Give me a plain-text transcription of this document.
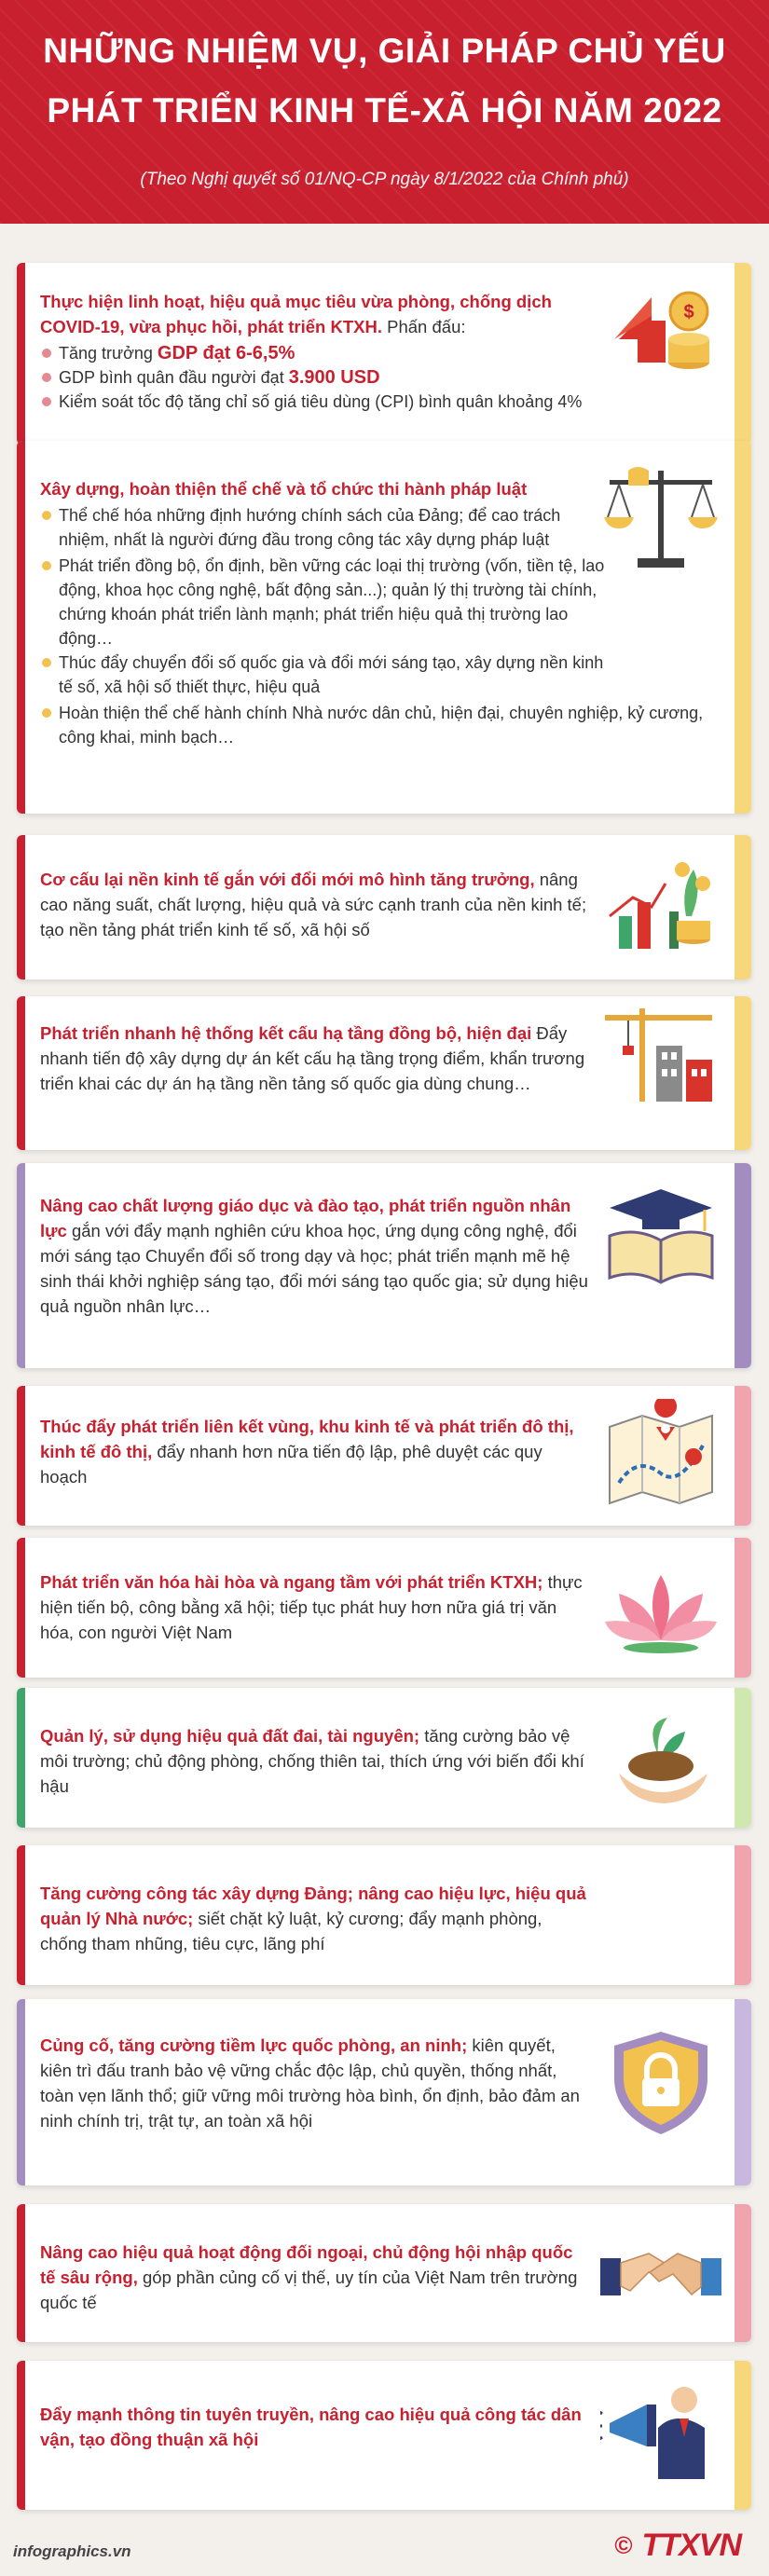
NHỮNG NHIỆM VỤ, GIẢI PHÁP CHỦ YẾU
PHÁT TRIỂN KINH TẾ-XÃ HỘI NĂM 2022
(Theo Nghị quyết số 01/NQ-CP ngày 8/1/2022 của Chính phủ)
Thực hiện linh hoạt, hiệu quả mục tiêu vừa phòng, chống dịch COVID-19, vừa phục hồi, phát triển KTXH. Phấn đấu:
Tăng trưởng GDP đạt 6-6,5%
GDP bình quân đầu người đạt 3.900 USD
Kiểm soát tốc độ tăng chỉ số giá tiêu dùng (CPI) bình quân khoảng 4%
$
Xây dựng, hoàn thiện thể chế và tổ chức thi hành pháp luật
Thể chế hóa những định hướng chính sách của Đảng; để cao trách nhiệm, nhất là người đứng đầu trong công tác xây dựng pháp luật
Phát triển đồng bộ, ổn định, bền vững các loại thị trường (vốn, tiền tệ, lao động, khoa học công nghệ, bất động sản...); quản lý thị trường tài chính, chứng khoán phát triển lành mạnh; phát triển hiệu quả thị trường lao động…
Thúc đẩy chuyển đổi số quốc gia và đổi mới sáng tạo, xây dựng nền kinh tế số, xã hội số thiết thực, hiệu quả
Hoàn thiện thể chế hành chính Nhà nước dân chủ, hiện đại, chuyên nghiệp, kỷ cương, công khai, minh bạch…
Cơ cấu lại nền kinh tế gắn với đổi mới mô hình tăng trưởng, nâng cao năng suất, chất lượng, hiệu quả và sức cạnh tranh của nền kinh tế; tạo nền tảng phát triển kinh tế số, xã hội số
Phát triển nhanh hệ thống kết cấu hạ tầng đồng bộ, hiện đại Đẩy nhanh tiến độ xây dựng dự án kết cấu hạ tầng trọng điểm, khẩn trương triển khai các dự án hạ tầng nền tảng số quốc gia dùng chung…
Nâng cao chất lượng giáo dục và đào tạo, phát triển nguồn nhân lực gắn với đẩy mạnh nghiên cứu khoa học, ứng dụng công nghệ, đổi mới sáng tạo Chuyển đổi số trong dạy và học; phát triển mạnh mẽ hệ sinh thái khởi nghiệp sáng tạo, đổi mới sáng tạo quốc gia; sử dụng hiệu quả nguồn nhân lực…
Thúc đẩy phát triển liên kết vùng, khu kinh tế và phát triển đô thị, kinh tế đô thị, đẩy nhanh hơn nữa tiến độ lập, phê duyệt các quy hoạch
Phát triển văn hóa hài hòa và ngang tầm với phát triển KTXH; thực hiện tiến bộ, công bằng xã hội; tiếp tục phát huy hơn nữa giá trị văn hóa, con người Việt Nam
Quản lý, sử dụng hiệu quả đất đai, tài nguyên; tăng cường bảo vệ môi trường; chủ động phòng, chống thiên tai, thích ứng với biến đổi khí hậu
Tăng cường công tác xây dựng Đảng; nâng cao hiệu lực, hiệu quả quản lý Nhà nước; siết chặt kỷ luật, kỷ cương; đẩy mạnh phòng, chống tham nhũng, tiêu cực, lãng phí
Củng cố, tăng cường tiềm lực quốc phòng, an ninh; kiên quyết, kiên trì đấu tranh bảo vệ vững chắc độc lập, chủ quyền, thống nhất, toàn vẹn lãnh thổ; giữ vững môi trường hòa bình, ổn định, bảo đảm an ninh chính trị, trật tự, an toàn xã hội
Nâng cao hiệu quả hoạt động đối ngoại, chủ động hội nhập quốc tế sâu rộng, góp phần củng cố vị thế, uy tín của Việt Nam trên trường quốc tế
Đẩy mạnh thông tin tuyên truyền, nâng cao hiệu quả công tác dân vận, tạo đồng thuận xã hội
infographics.vn	© TTXVN
